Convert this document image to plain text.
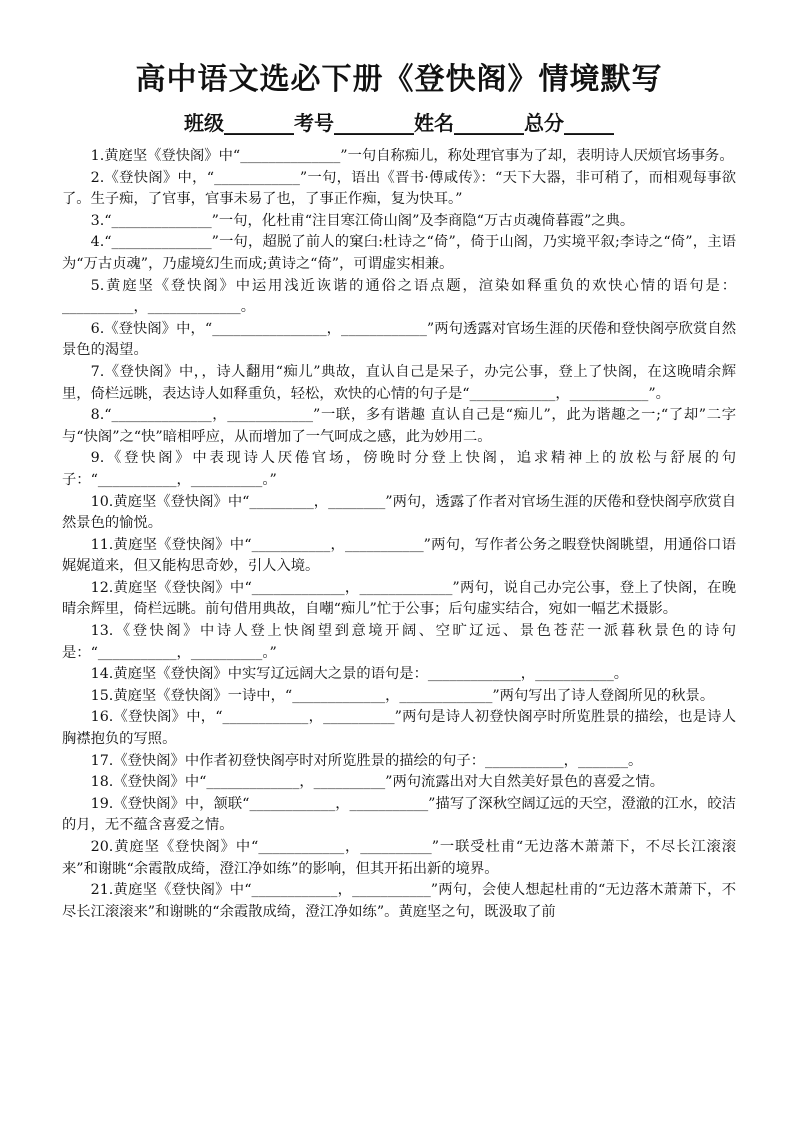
高中语文选必下册《登快阁》情境默写
班级_______考号________姓名_______总分_____

1.黄庭坚《登快阁》中“______________”一句自称痴儿，称处理官事为了却，表明诗人厌烦官场事务。

2.《登快阁》中，“____________”一句，语出《晋书·傅咸传》：“天下大器，非可稍了，而相观每事欲了。生子痴，了官事，官事未易了也，了事正作痴，复为快耳。”

3.“______________”一句，化杜甫“注目寒江倚山阁”及李商隐“万古贞魂倚暮霞”之典。

4.“______________”一句，超脱了前人的窠臼:杜诗之“倚”，倚于山阁，乃实境平叙;李诗之“倚”，主语为“万古贞魂”，乃虚境幻生而成;黄诗之“倚”，可谓虚实相兼。

5.黄庭坚《登快阁》中运用浅近诙谐的通俗之语点题，渲染如释重负的欢快心情的语句是：__________，_____________。

6.《登快阁》中，“________________，____________”两句透露对官场生涯的厌倦和登快阁亭欣赏自然景色的渴望。

7.《登快阁》中，，诗人翻用“痴儿”典故，直认自己是呆子，办完公事，登上了快阁，在这晚晴余辉里，倚栏远眺，表达诗人如释重负，轻松，欢快的心情的句子是“____________，___________”。

8.“______________，____________”一联，多有谐趣 直认自己是“痴儿”，此为谐趣之一;“了却”二字与“快阁”之“快”暗相呼应，从而增加了一气呵成之感，此为妙用二。

9.《登快阁》中表现诗人厌倦官场，傍晚时分登上快阁，追求精神上的放松与舒展的句子：“___________，__________。”

10.黄庭坚《登快阁》中“_________，________”两句，透露了作者对官场生涯的厌倦和登快阁亭欣赏自然景色的愉悦。

11.黄庭坚《登快阁》中“___________，___________”两句，写作者公务之暇登快阁眺望，用通俗口语娓娓道来，但又能构思奇妙，引人入境。

12.黄庭坚《登快阁》中“_____________，_____________”两句，说自己办完公事，登上了快阁，在晚晴余辉里，倚栏远眺。前句借用典故，自嘲“痴儿”忙于公事；后句虚实结合，宛如一幅艺术摄影。

13.《登快阁》中诗人登上快阁望到意境开阔、空旷辽远、景色苍茫一派暮秋景色的诗句是：“___________，__________。”

14.黄庭坚《登快阁》中实写辽远阔大之景的语句是：_____________，___________。

15.黄庭坚《登快阁》一诗中，“_____________，_____________”两句写出了诗人登阁所见的秋景。

16.《登快阁》中，“____________，__________”两句是诗人初登快阁亭时所览胜景的描绘，也是诗人胸襟抱负的写照。

17.《登快阁》中作者初登快阁亭时对所览胜景的描绘的句子：___________，_______。

18.《登快阁》中“_____________，__________”两句流露出对大自然美好景色的喜爱之情。

19.《登快阁》中，颔联“____________，___________”描写了深秋空阔辽远的天空，澄澈的江水，皎洁的月，无不蕴含喜爱之情。

20.黄庭坚《登快阁》中“____________，__________”一联受杜甫“无边落木萧萧下，不尽长江滚滚来”和谢眺“余霞散成绮，澄江净如练”的影响，但其开拓出新的境界。

21.黄庭坚《登快阁》中“____________，___________”两句，会使人想起杜甫的“无边落木萧萧下，不尽长江滚滚来”和谢眺的“余霞散成绮，澄江净如练”。黄庭坚之句，既汲取了前
